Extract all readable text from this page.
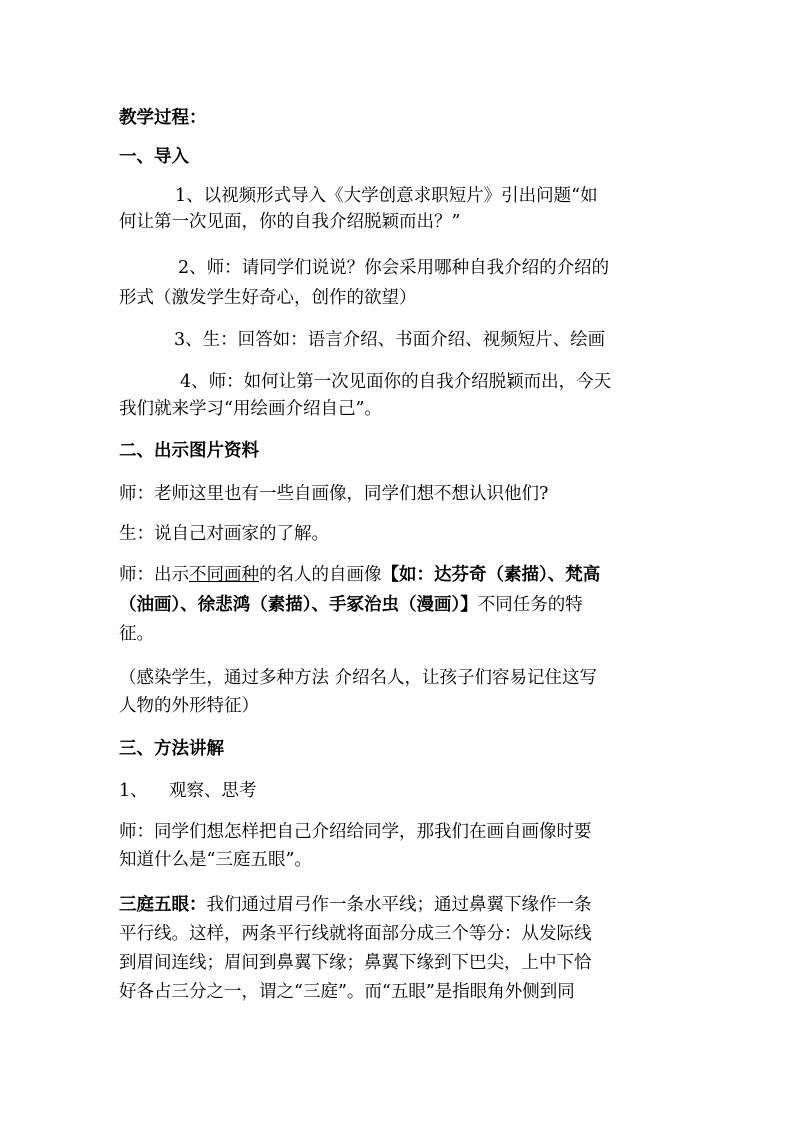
教学过程：
一、导入
1、以视频形式导入《大学创意求职短片》引出问题“如
何让第一次见面，你的自我介绍脱颖而出？”
2、师：请同学们说说？你会采用哪种自我介绍的介绍的
形式（激发学生好奇心，创作的欲望）
3、生：回答如：语言介绍、书面介绍、视频短片、绘画
4、师：如何让第一次见面你的自我介绍脱颖而出，今天
我们就来学习“用绘画介绍自己”。
二、出示图片资料
师：老师这里也有一些自画像，同学们想不想认识他们?
生：说自己对画家的了解。
师：出示不同画种的名人的自画像【如：达芬奇（素描）、梵高
（油画）、徐悲鸿（素描）、手冢治虫（漫画）】不同任务的特
征。
（感染学生，通过多种方法 介绍名人，让孩子们容易记住这写
人物的外形特征）
三、方法讲解
1、 观察、思考
师：同学们想怎样把自己介绍给同学，那我们在画自画像时要
知道什么是“三庭五眼”。
三庭五眼：我们通过眉弓作一条水平线；通过鼻翼下缘作一条
平行线。这样，两条平行线就将面部分成三个等分：从发际线
到眉间连线；眉间到鼻翼下缘；鼻翼下缘到下巴尖，上中下恰
好各占三分之一，谓之“三庭”。而“五眼”是指眼角外侧到同
